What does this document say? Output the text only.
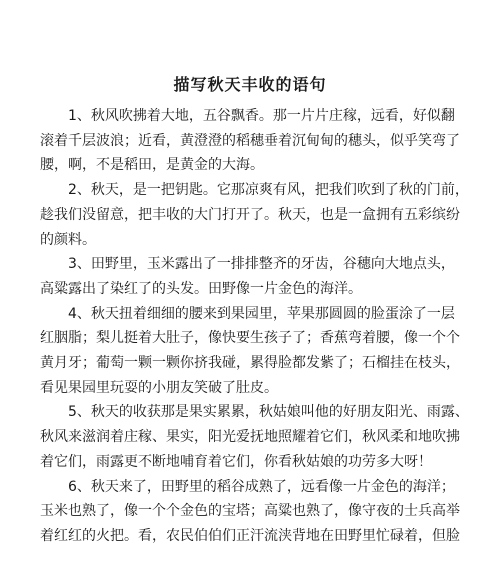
描写秋天丰收的语句
1、秋风吹拂着大地，五谷飘香。那一片片庄稼，远看，好似翻
滚着千层波浪；近看，黄澄澄的稻穗垂着沉甸甸的穗头，似乎笑弯了
腰，啊，不是稻田，是黄金的大海。
2、秋天，是一把钥匙。它那凉爽有风，把我们吹到了秋的门前，
趁我们没留意，把丰收的大门打开了。秋天，也是一盒拥有五彩缤纷
的颜料。
3、田野里，玉米露出了一排排整齐的牙齿，谷穗向大地点头，
高粱露出了染红了的头发。田野像一片金色的海洋。
4、秋天扭着细细的腰来到果园里，苹果那圆圆的脸蛋涂了一层
红胭脂；梨儿挺着大肚子，像快要生孩子了；香蕉弯着腰，像一个个
黄月牙；葡萄一颗一颗你挤我碰，累得脸都发紫了；石榴挂在枝头，
看见果园里玩耍的小朋友笑破了肚皮。
5、秋天的收获那是果实累累，秋姑娘叫他的好朋友阳光、雨露、
秋风来滋润着庄稼、果实，阳光爱抚地照耀着它们，秋风柔和地吹拂
着它们，雨露更不断地哺育着它们，你看秋姑娘的功劳多大呀！
6、秋天来了，田野里的稻谷成熟了，远看像一片金色的海洋；
玉米也熟了，像一个个金色的宝塔；高粱也熟了，像守夜的士兵高举
着红红的火把。看，农民伯伯们正汗流浃背地在田野里忙碌着，但脸
